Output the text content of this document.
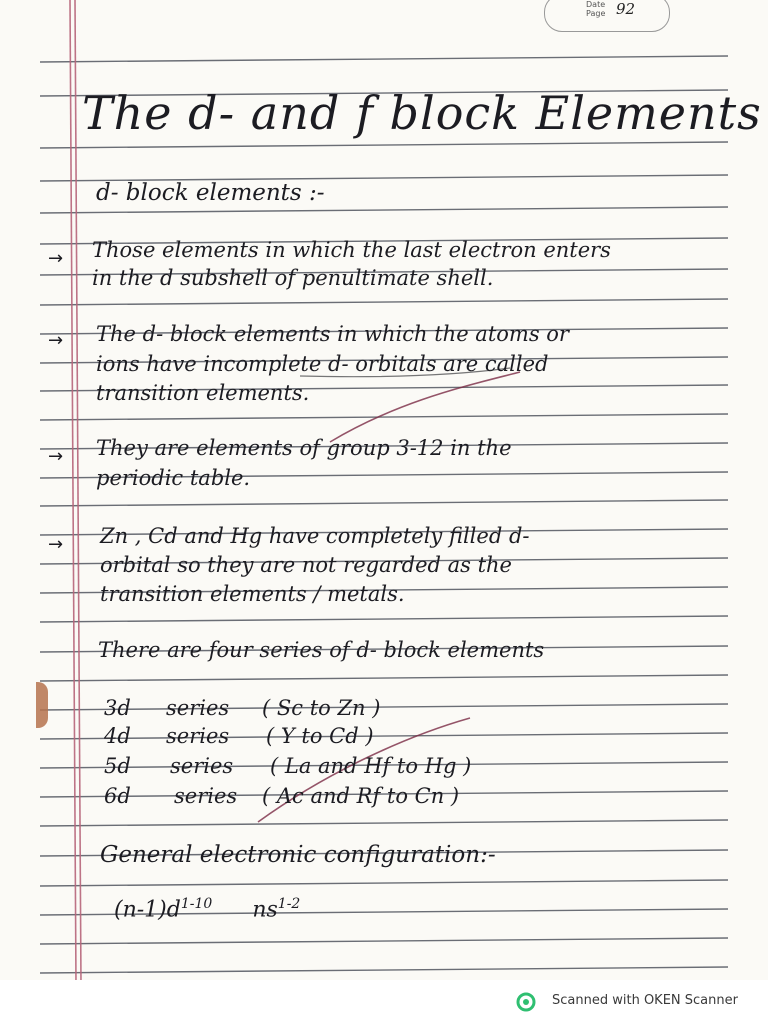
Date
Page 92
The d- and f block Elements
d- block elements :-
→ Those elements in which the last electron enters
in the d subshell of penultimate shell.
→ The d- block elements in which the atoms or
ions have incomplete d- orbitals are called
transition elements.
→ They are elements of group 3-12 in the
periodic table.
→ Zn , Cd and Hg have completely filled d-
orbital so they are not regarded as the
transition elements / metals.
There are four series of d- block elements
3d series ( Sc to Zn )
4d series ( Y to Cd )
5d series ( La and Hf to Hg )
6d series ( Ac and Rf to Cn )
General electronic configuration:-
$(n-1)d^{1-10}$ $ns^{1-2}$
Scanned with OKEN Scanner
